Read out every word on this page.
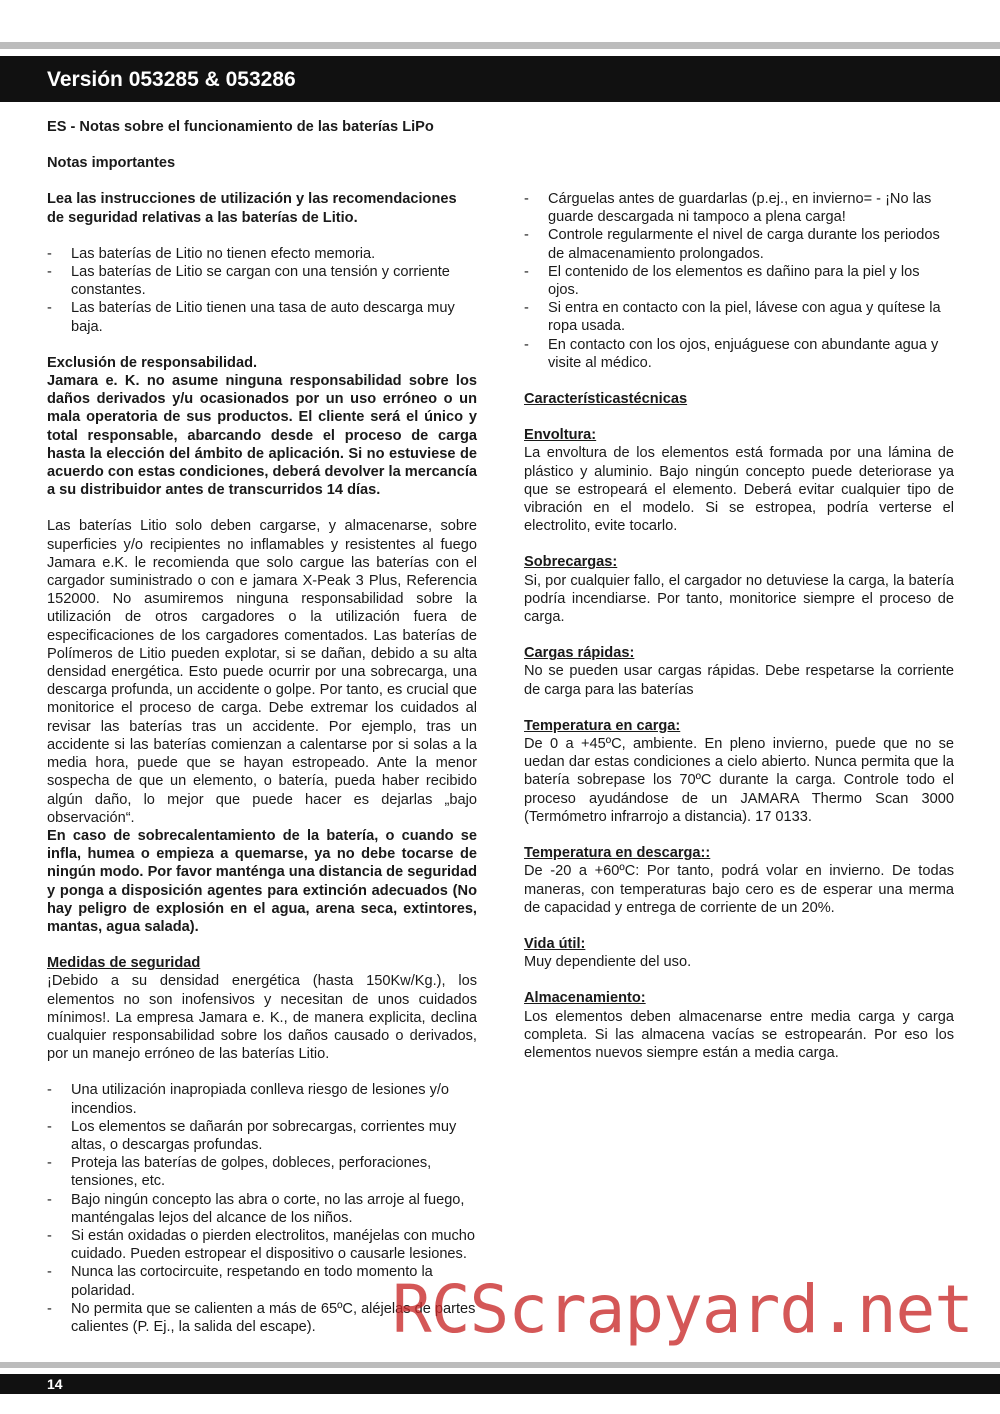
Versión 053285 & 053286

ES - Notas sobre el funcionamiento de las baterías LiPo

Notas importantes

Lea las instrucciones de utilización y las recomendaciones de seguridad relativas a las baterías de Litio.

- Las baterías de Litio no tienen efecto memoria.
- Las baterías de Litio se cargan con una tensión y corriente constantes.
- Las baterías de Litio tienen una tasa de auto descarga muy baja.

Exclusión de responsabilidad.

Jamara e. K. no asume ninguna responsabilidad sobre los daños derivados y/u ocasionados por un uso erróneo o un mala operatoria de sus productos. El cliente será el único y total responsable, abarcando desde el proceso de carga hasta la elección del ámbito de aplicación. Si no estuviese de acuerdo con estas condiciones, deberá devolver la mercancía a su distribuidor antes de transcurridos 14 días.

Las baterías Litio solo deben cargarse, y almacenarse, sobre superficies y/o recipientes no inflamables y resistentes al fuego Jamara e.K. le recomienda que solo cargue las baterías con el cargador suministrado o con e jamara X-Peak 3 Plus, Referencia 152000. No asumiremos ninguna responsabilidad sobre la utilización de otros cargadores o la utilización fuera de especificaciones de los cargadores comentados. Las baterías de Polímeros de Litio pueden explotar, si se dañan, debido a su alta densidad energética. Esto puede ocurrir por una sobrecarga, una descarga profunda, un accidente o golpe. Por tanto, es crucial que monitorice el proceso de carga. Debe extremar los cuidados al revisar las baterías tras un accidente. Por ejemplo, tras un accidente si las baterías comienzan a calentarse por si solas a la media hora, puede que se hayan estropeado. Ante la menor sospecha de que un elemento, o batería, pueda haber recibido algún daño, lo mejor que puede hacer es dejarlas „bajo observación“.

En caso de sobrecalentamiento de la batería, o cuando se infla, humea o empieza a quemarse, ya no debe tocarse de ningún modo. Por favor manténga una distancia de seguridad y ponga a disposición agentes para extinción adecuados (No hay peligro de explosión en el agua, arena seca, extintores, mantas, agua salada).

Medidas de seguridad

¡Debido a su densidad energética (hasta 150Kw/Kg.), los elementos no son inofensivos y necesitan de unos cuidados mínimos!. La empresa Jamara e. K., de manera explicita, declina cualquier responsabilidad sobre los daños causado o derivados, por un manejo erróneo de las baterías Litio.

- Una utilización inapropiada conlleva riesgo de lesiones y/o incendios.
- Los elementos se dañarán por sobrecargas, corrientes muy altas, o descargas profundas.
- Proteja las baterías de golpes, dobleces, perforaciones, tensiones, etc.
- Bajo ningún concepto las abra o corte, no las arroje al fuego, manténgalas lejos del alcance de los niños.
- Si están oxidadas o pierden electrolitos, manéjelas con mucho cuidado. Pueden estropear el dispositivo o causarle lesiones.
- Nunca las cortocircuite, respetando en todo momento la polaridad.
- No permita que se calienten a más de 65ºC, aléjelas de partes calientes (P. Ej., la salida del escape).
- Cárguelas antes de guardarlas (p.ej., en invierno= - ¡No las guarde descargada ni tampoco a plena carga!
- Controle regularmente el nivel de carga durante los periodos de almacenamiento prolongados.
- El contenido de los elementos es dañino para la piel y los ojos.
- Si entra en contacto con la piel, lávese con agua y quítese la ropa usada.
- En contacto con los ojos, enjuáguese con abundante agua y visite al médico.

Característicastécnicas

Envoltura:

La envoltura de los elementos está formada por una lámina de plástico y aluminio. Bajo ningún concepto puede deteriorase ya que se estropeará el elemento. Deberá evitar cualquier tipo de vibración en el modelo. Si se estropea, podría verterse el electrolito, evite tocarlo.

Sobrecargas:

Si, por cualquier fallo, el cargador no detuviese la carga, la batería podría incendiarse. Por tanto, monitorice siempre el proceso de carga.

Cargas rápidas:

No se pueden usar cargas rápidas. Debe respetarse la corriente de carga para las baterías

Temperatura en carga:

De 0 a +45ºC, ambiente. En pleno invierno, puede que no se uedan dar estas condiciones a cielo abierto. Nunca permita que la batería sobrepase los 70ºC durante la carga. Controle todo el proceso ayudándose de un JAMARA Thermo Scan 3000 (Termómetro infrarrojo a distancia). 17 0133.

Temperatura en descarga::

De -20 a +60ºC: Por tanto, podrá volar en invierno. De todas maneras, con temperaturas bajo cero es de esperar una merma de capacidad y entrega de corriente de un 20%.

Vida útil:

Muy dependiente del uso.

Almacenamiento:

Los elementos deben almacenarse entre media carga y carga completa. Si las almacena vacías se estropearán. Por eso los elementos nuevos siempre están a media carga.

RCScrapyard.net
14
